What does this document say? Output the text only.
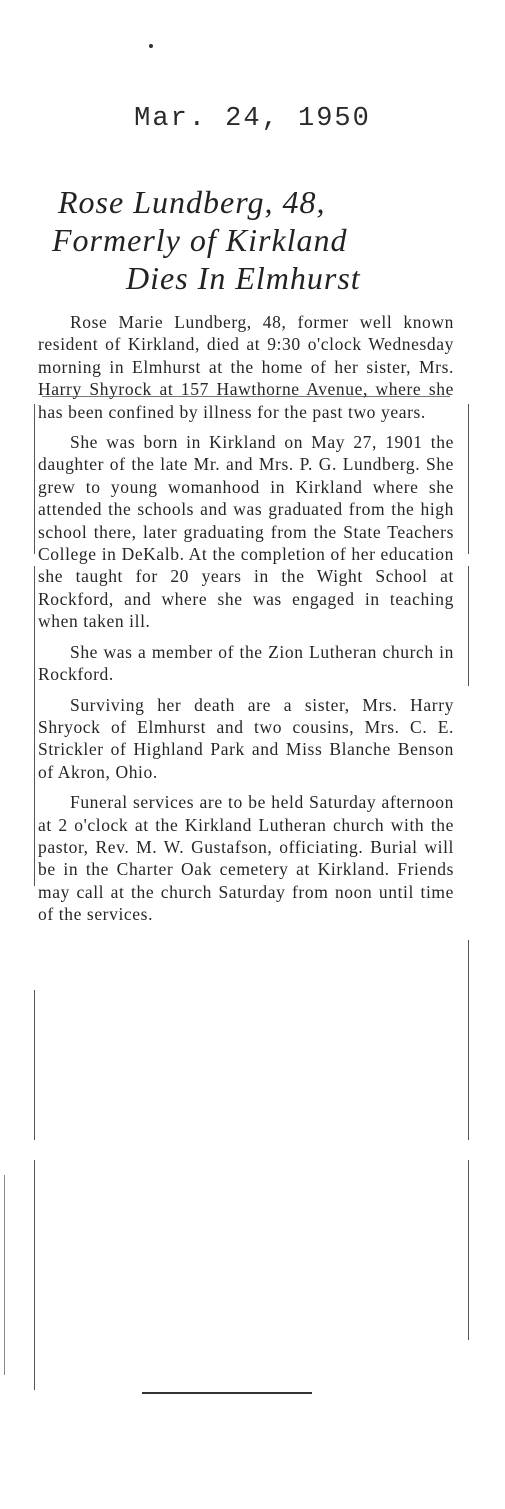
Mar. 24, 1950
Rose Lundberg, 48,
Formerly of Kirkland
Dies In Elmhurst

Rose Marie Lundberg, 48, former well known resident of Kirkland, died at 9:30 o'clock Wednesday morning in Elmhurst at the home of her sister, Mrs. Harry Shyrock at 157 Hawthorne Avenue, where she has been confined by illness for the past two years.

She was born in Kirkland on May 27, 1901 the daughter of the late Mr. and Mrs. P. G. Lundberg. She grew to young womanhood in Kirkland where she attended the schools and was graduated from the high school there, later graduating from the State Teachers College in DeKalb. At the completion of her education she taught for 20 years in the Wight School at Rockford, and where she was engaged in teaching when taken ill.

She was a member of the Zion Lutheran church in Rockford.

Surviving her death are a sister, Mrs. Harry Shryock of Elmhurst and two cousins, Mrs. C. E. Strickler of Highland Park and Miss Blanche Benson of Akron, Ohio.

Funeral services are to be held Saturday afternoon at 2 o'clock at the Kirkland Lutheran church with the pastor, Rev. M. W. Gustafson, officiating. Burial will be in the Charter Oak cemetery at Kirkland. Friends may call at the church Saturday from noon until time of the services.
